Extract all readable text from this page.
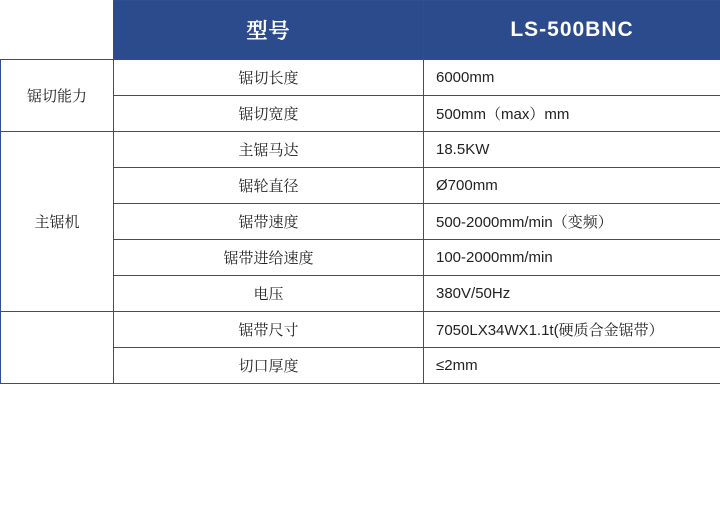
	型号	LS-500BNC
锯切能力	锯切长度	6000mm
	锯切宽度	500mm（max）mm
主锯机	主锯马达	18.5KW
	锯轮直径	Ø700mm
	锯带速度	500-2000mm/min（变频）
	锯带进给速度	100-2000mm/min
	电压	380V/50Hz
	锯带尺寸	7050LX34WX1.1t(硬质合金锯带）
	切口厚度	≤2mm
